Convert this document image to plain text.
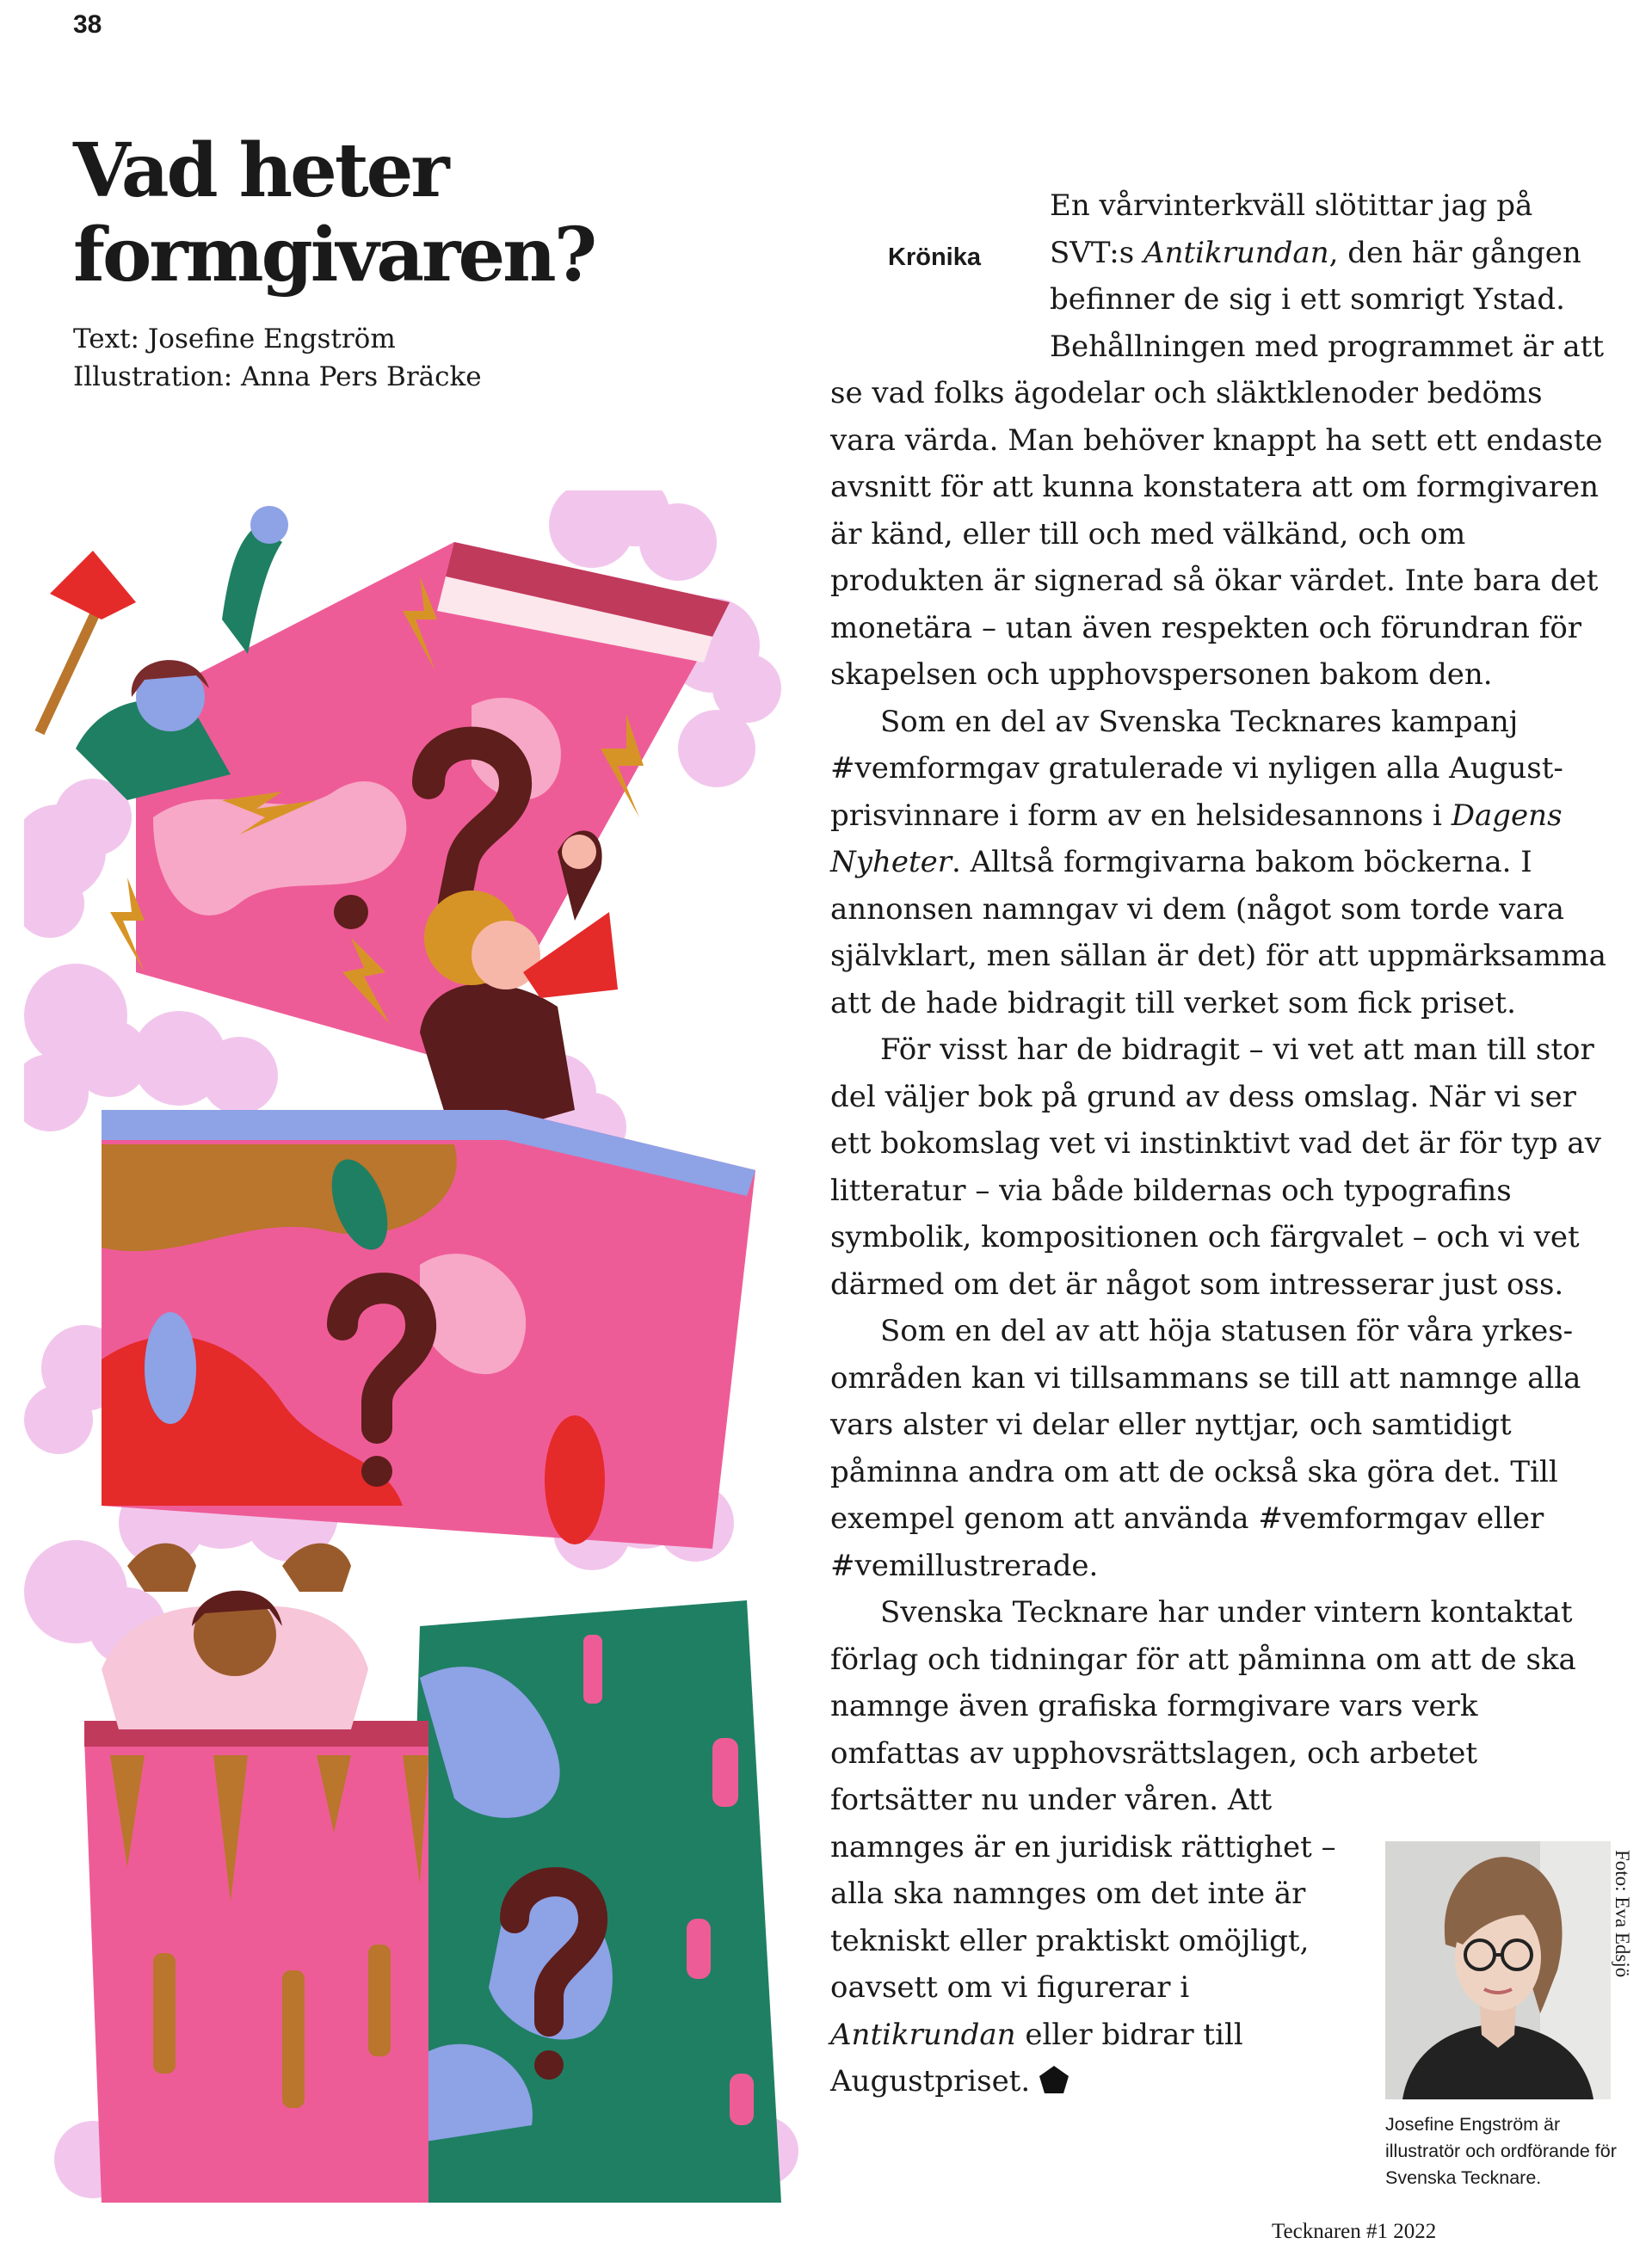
38
Vad heter formgivaren?
Text: Josefine Engström
Illustration: Anna Pers Bräcke
Krönika

En vårvinterkväll slötittar jag på SVT:s Antikrundan, den här gången befinner de sig i ett somrigt Ystad. Behållningen med programmet är att se vad folks ägodelar och släktklenoder bedöms vara värda. Man behöver knappt ha sett ett endaste avsnitt för att kunna konstatera att om formgivaren är känd, eller till och med välkänd, och om produkten är signerad så ökar värdet. Inte bara det monetära – utan även respekten och förundran för skapelsen och upphovspersonen bakom den.

Som en del av Svenska Tecknares kampanj #vemformgav gratulerade vi nyligen alla Augustprisvinnare i form av en helsidesannons i Dagens Nyheter. Alltså formgivarna bakom böckerna. I annonsen namngav vi dem (något som torde vara självklart, men sällan är det) för att uppmärksamma att de hade bidragit till verket som fick priset.

För visst har de bidragit – vi vet att man till stor del väljer bok på grund av dess omslag. När vi ser ett bokomslag vet vi instinktivt vad det är för typ av litteratur – via både bildernas och typografins symbolik, kompositionen och färgvalet – och vi vet därmed om det är något som intresserar just oss.

Som en del av att höja statusen för våra yrkesområden kan vi tillsammans se till att namnge alla vars alster vi delar eller nyttjar, och samtidigt påminna andra om att de också ska göra det. Till exempel genom att använda #vemformgav eller #vemillustrerade.

Svenska Tecknare har under vintern kontaktat förlag och tidningar för att påminna om att de ska namnge även grafiska formgivare vars verk omfattas av upphovsrättslagen, och arbetet fortsätter nu under våren. Att namnges är en juridisk rättighet – alla ska namnges om det inte är tekniskt eller praktiskt omöjligt, oavsett om vi figurerar i Antikrundan eller bidrar till Augustpriset.

Foto: Eva Edsjö
Josefine Engström är illustratör och ordförande för Svenska Tecknare.
Tecknaren #1 2022
